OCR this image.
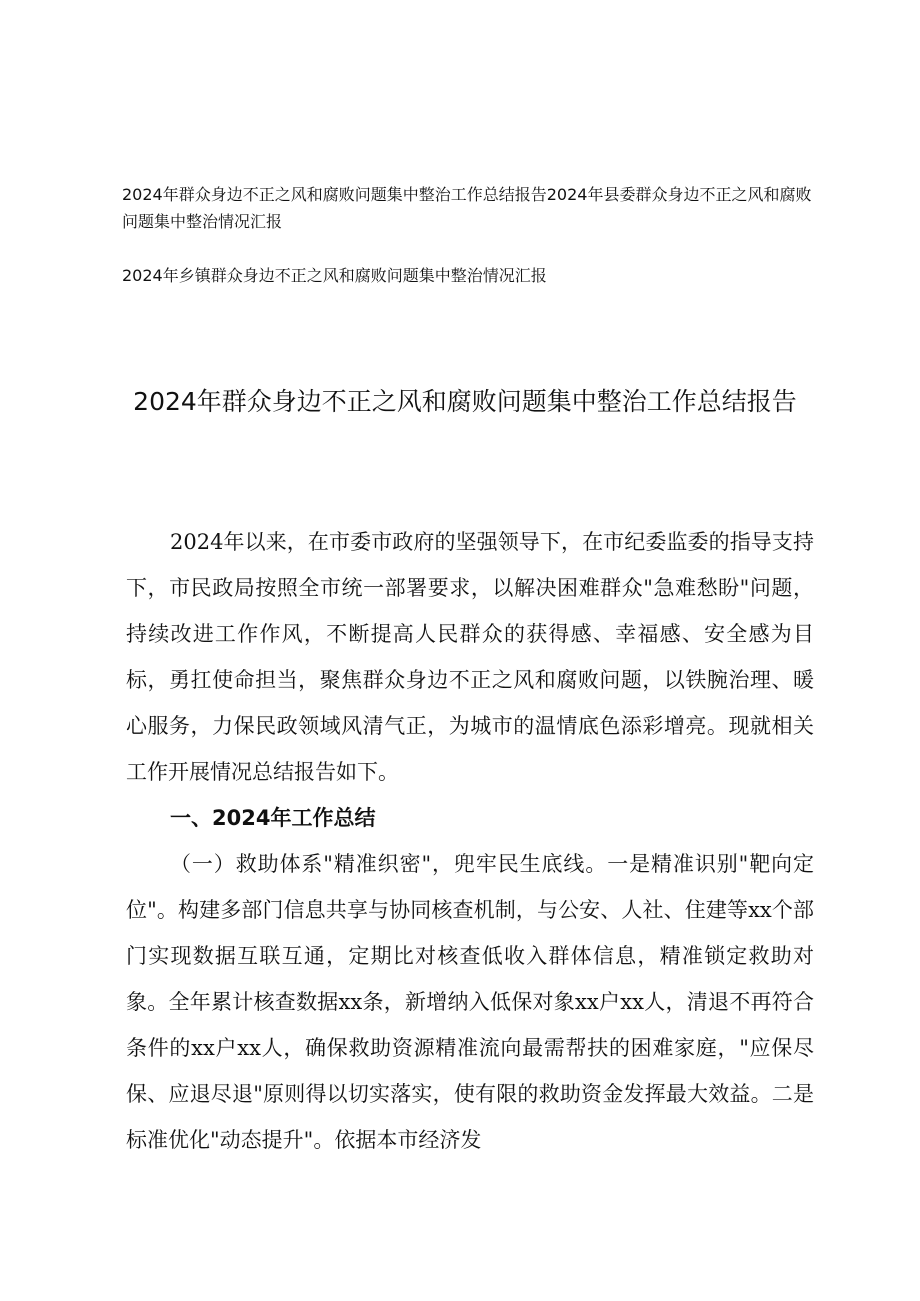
2024年群众身边不正之风和腐败问题集中整治工作总结报告2024年县委群众身边不正之风和腐败问题集中整治情况汇报

2024年乡镇群众身边不正之风和腐败问题集中整治情况汇报

2024年群众身边不正之风和腐败问题集中整治工作总结报告

2024年以来，在市委市政府的坚强领导下，在市纪委监委的指导支持下，市民政局按照全市统一部署要求，以解决困难群众"急难愁盼"问题，持续改进工作作风，不断提高人民群众的获得感、幸福感、安全感为目标，勇扛使命担当，聚焦群众身边不正之风和腐败问题，以铁腕治理、暖心服务，力保民政领域风清气正，为城市的温情底色添彩增亮。现就相关工作开展情况总结报告如下。

一、2024年工作总结

（一）救助体系"精准织密"，兜牢民生底线。一是精准识别"靶向定位"。构建多部门信息共享与协同核查机制，与公安、人社、住建等xx个部门实现数据互联互通，定期比对核查低收入群体信息，精准锁定救助对象。全年累计核查数据xx条，新增纳入低保对象xx户xx人，清退不再符合条件的xx户xx人，确保救助资源精准流向最需帮扶的困难家庭，"应保尽保、应退尽退"原则得以切实落实，使有限的救助资金发挥最大效益。二是标准优化"动态提升"。依据本市经济发
